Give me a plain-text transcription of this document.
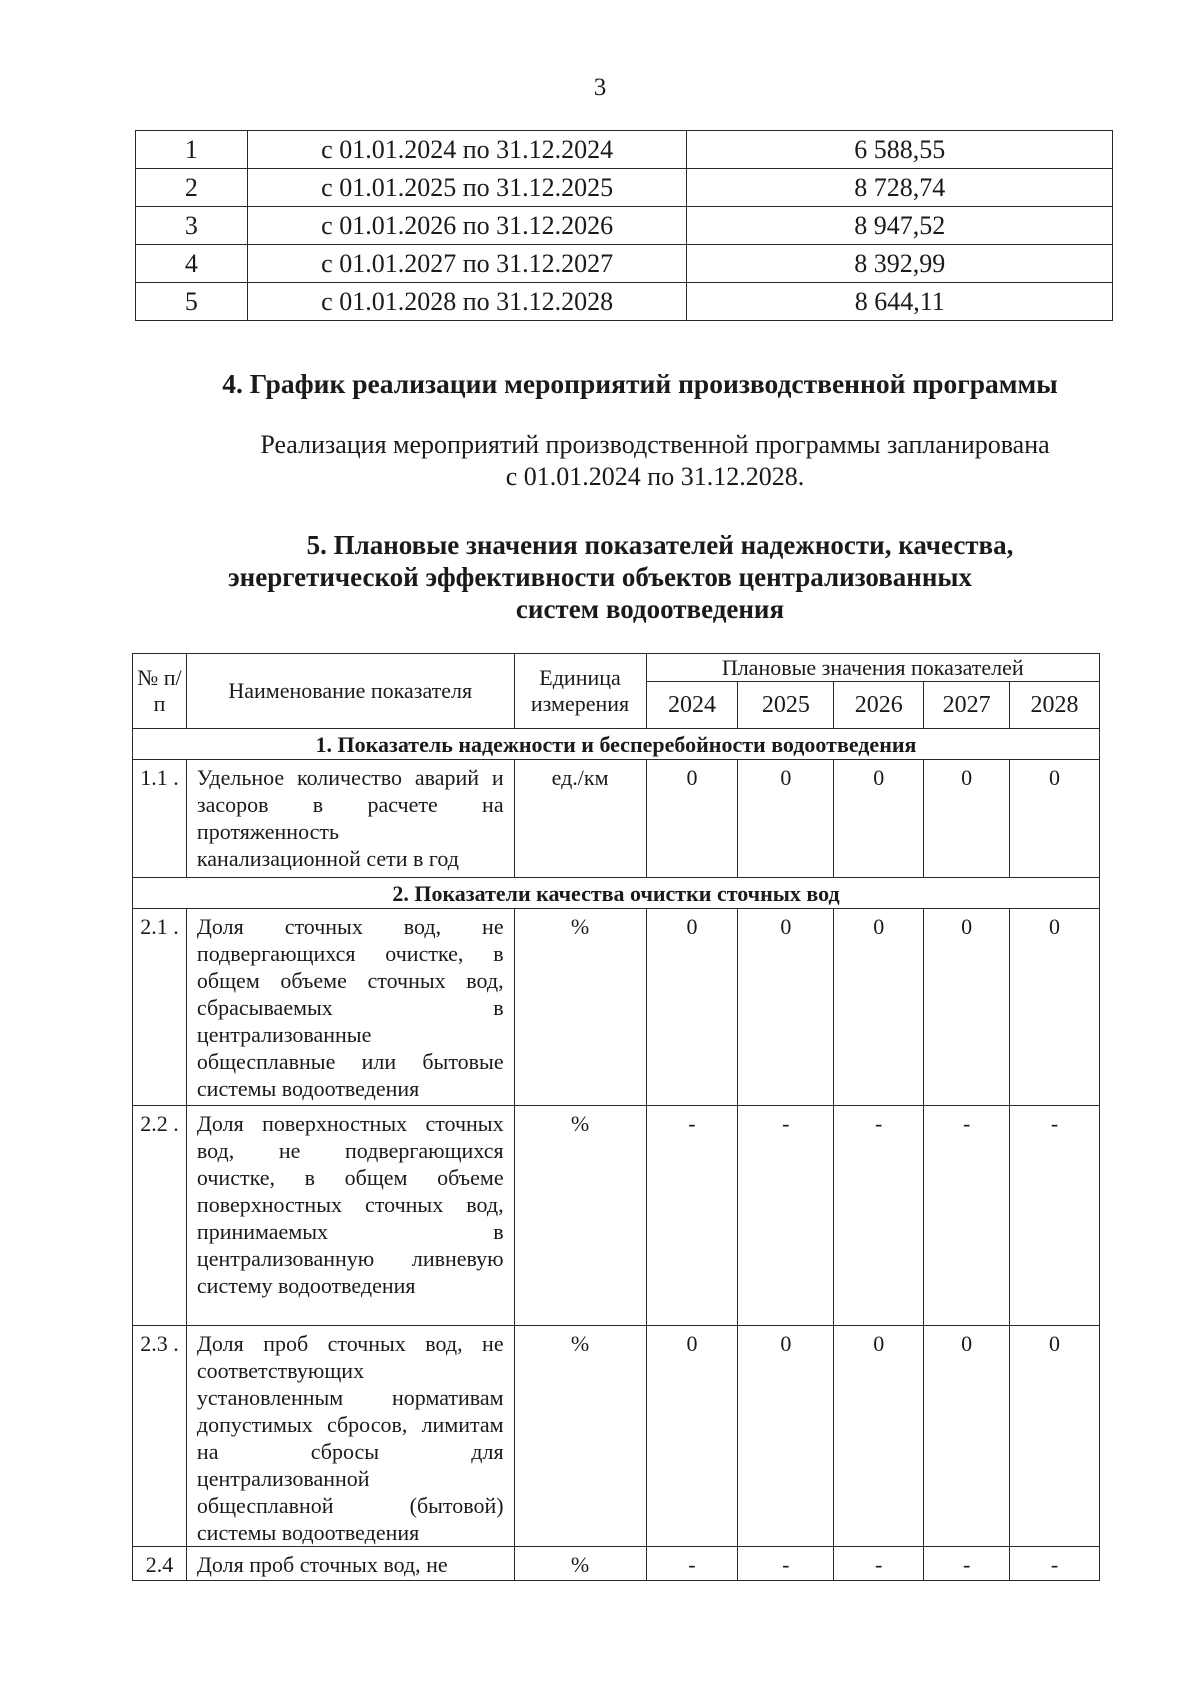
3
1	с 01.01.2024 по 31.12.2024	6 588,55
2	с 01.01.2025 по 31.12.2025	8 728,74
3	с 01.01.2026 по 31.12.2026	8 947,52
4	с 01.01.2027 по 31.12.2027	8 392,99
5	с 01.01.2028 по 31.12.2028	8 644,11
4. График реализации мероприятий производственной программы
Реализация мероприятий производственной программы запланирована
с 01.01.2024 по 31.12.2028.
5. Плановые значения показателей надежности, качества,
энергетической эффективности объектов централизованных
систем водоотведения
№ п/п	Наименование показателя	Единица измерения	Плановые значения показателей				
			2024	2025	2026	2027	2028
1. Показатель надежности и бесперебойности водоотведения							
1.1 .	Удельное количество аварий и засоров в расчете на протяженность канализационной сети в год	ед./км	0	0	0	0	0
2. Показатели качества очистки сточных вод							
2.1 .	Доля сточных вод, не подвергающихся очистке, в общем объеме сточных вод, сбрасываемых в централизованные общесплавные или бытовые системы водоотведения	%	0	0	0	0	0
2.2 .	Доля поверхностных сточных вод, не подвергающихся очистке, в общем объеме поверхностных сточных вод, принимаемых в централизованную ливневую систему водоотведения	%	-	-	-	-	-
2.3 .	Доля проб сточных вод, не соответствующих установленным нормативам допустимых сбросов, лимитам на сбросы для централизованной общесплавной (бытовой) системы водоотведения	%	0	0	0	0	0
2.4	Доля проб сточных вод, не	%	-	-	-	-	-
